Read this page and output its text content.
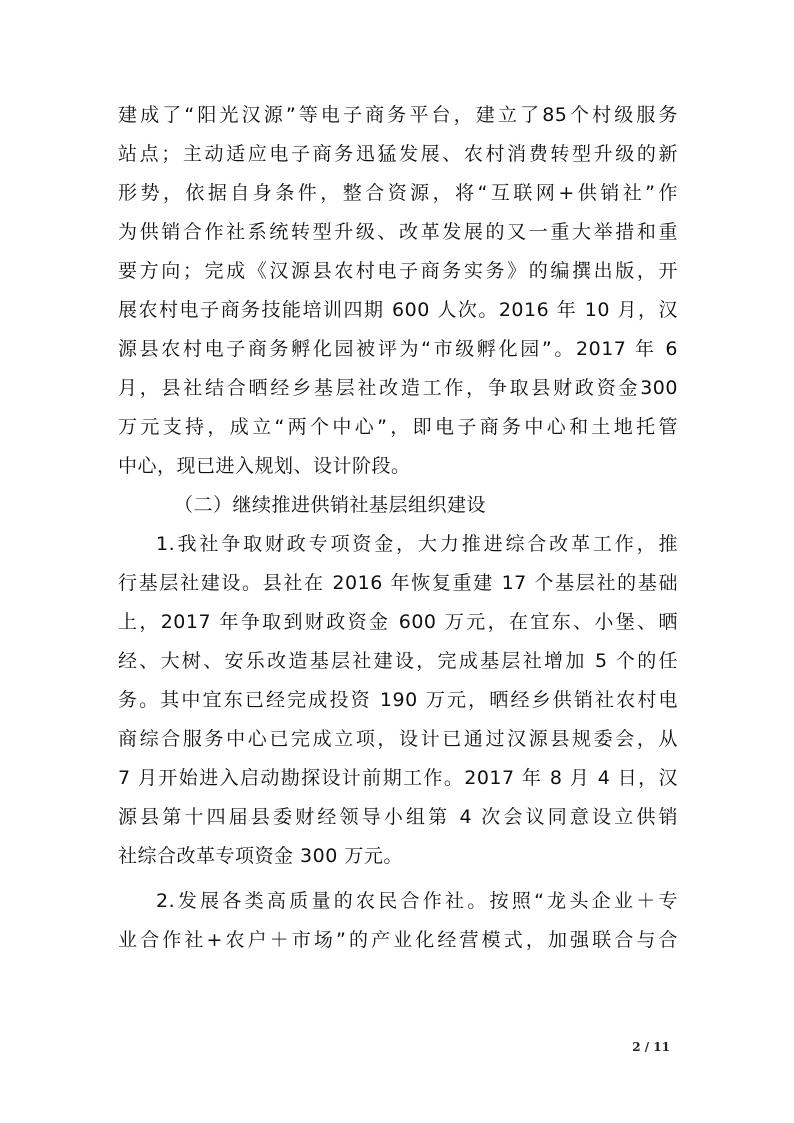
建成了“阳光汉源”等电子商务平台，建立了85个村级服务
站点；主动适应电子商务迅猛发展、农村消费转型升级的新
形势，依据自身条件，整合资源，将“互联网+供销社”作
为供销合作社系统转型升级、改革发展的又一重大举措和重
要方向；完成《汉源县农村电子商务实务》的编撰出版，开
展农村电子商务技能培训四期 600 人次。2016 年 10 月，汉
源县农村电子商务孵化园被评为“市级孵化园”。2017 年 6
月，县社结合晒经乡基层社改造工作，争取县财政资金300
万元支持，成立“两个中心”，即电子商务中心和土地托管
中心，现已进入规划、设计阶段。
（二）继续推进供销社基层组织建设
1.我社争取财政专项资金，大力推进综合改革工作，推
行基层社建设。县社在 2016 年恢复重建 17 个基层社的基础
上，2017 年争取到财政资金 600 万元，在宜东、小堡、晒
经、大树、安乐改造基层社建设，完成基层社增加 5 个的任
务。其中宜东已经完成投资 190 万元，晒经乡供销社农村电
商综合服务中心已完成立项，设计已通过汉源县规委会，从
7 月开始进入启动勘探设计前期工作。2017 年 8 月 4 日，汉
源县第十四届县委财经领导小组第 4 次会议同意设立供销
社综合改革专项资金 300 万元。
2.发展各类高质量的农民合作社。按照“龙头企业＋专
业合作社+农户＋市场”的产业化经营模式，加强联合与合
2 / 11
